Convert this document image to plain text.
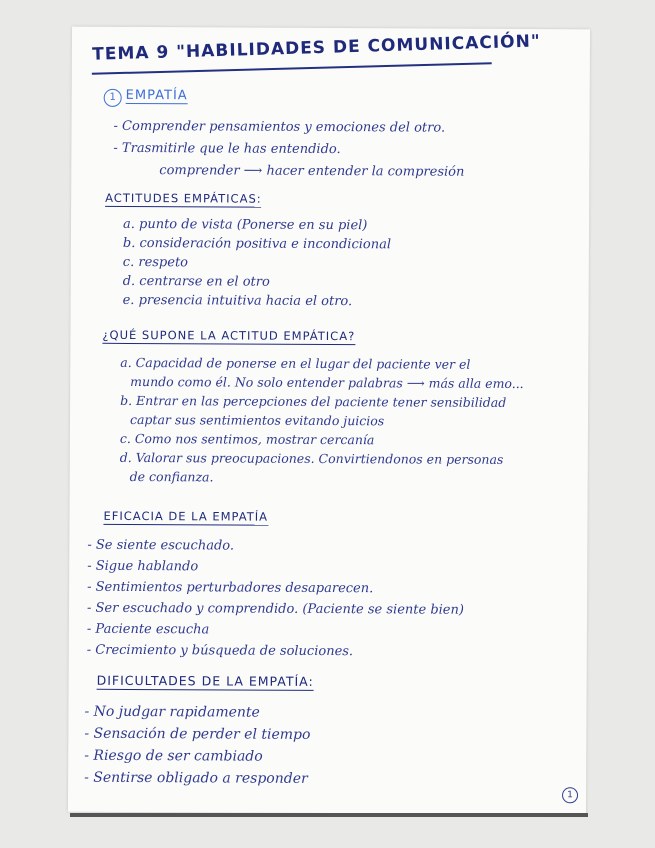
TEMA 9 "HABILIDADES DE COMUNICACIÓN"
1 EMPATÍA
- Comprender pensamientos y emociones del otro.
- Trasmitirle que le has entendido.
comprender ⟶ hacer entender la compresión
ACTITUDES EMPÁTICAS:
a. punto de vista (Ponerse en su piel)
b. consideración positiva e incondicional
c. respeto
d. centrarse en el otro
e. presencia intuitiva hacia el otro.
¿QUÉ SUPONE LA ACTITUD EMPÁTICA?
a. Capacidad de ponerse en el lugar del paciente ver el
mundo como él. No solo entender palabras ⟶ más alla emo...
b. Entrar en las percepciones del paciente tener sensibilidad
captar sus sentimientos evitando juicios
c. Como nos sentimos, mostrar cercanía
d. Valorar sus preocupaciones. Convirtiendonos en personas
de confianza.
EFICACIA DE LA EMPATÍA
- Se siente escuchado.
- Sigue hablando
- Sentimientos perturbadores desaparecen.
- Ser escuchado y comprendido. (Paciente se siente bien)
- Paciente escucha
- Crecimiento y búsqueda de soluciones.
DIFICULTADES DE LA EMPATÍA:
- No judgar rapidamente
- Sensación de perder el tiempo
- Riesgo de ser cambiado
- Sentirse obligado a responder
1
